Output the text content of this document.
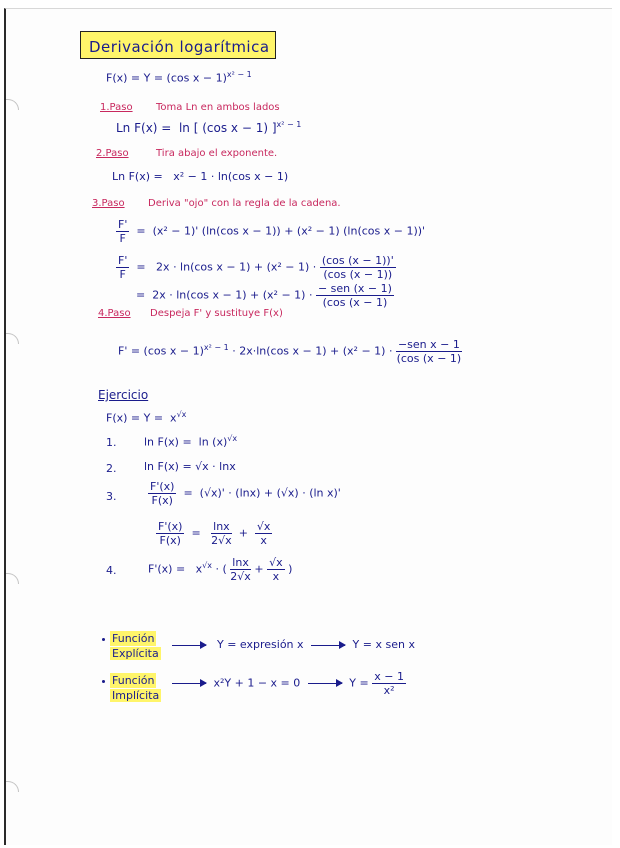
Derivación logarítmica
F(x) = Y = (cos x − 1)$^{x^2 - 1}$
1.Paso Toma Ln en ambos lados
Ln F(x) =  ln [ (cos x − 1) ]$^{x^2 - 1}$
2.Paso	Tira abajo el exponente.
Ln F(x) =   x² − 1 · ln(cos x − 1)
3.Paso Deriva "ojo" con la regla de la cadena.
$\frac{F'}{F} = (x^2 - 1)'$ (ln(cos x − 1)) + (x² − 1) (ln(cos x − 1))'
$\frac{F'}{F} = 2x \cdot \ln(\cos$ $x - 1) + (x^2 - 1) \cdot \frac{(\cos (x - 1))'}{(\cos (x - 1))}$
=  2x · ln(cos $x - 1) + (x^2 - 1) \cdot \frac{\text{− sen (x − 1)}}{(\cos (x - 1)}$
4.Paso Despeja F' y sustituye F(x)
F' = (cos x − 1)$^{x^2 - 1}$ · 2x·ln(cos $x - 1) + (x^2 - 1) \cdot \frac{\text{−sen x − 1}}{(\cos (x - 1)}$
Ejercicio
$F(x) = Y = x^{√x}$
1.	$\ln F(x) = \ln (x)^{√x}$
2.	ln F(x) = √x · lnx
3.	$\frac{F'(x)}{F(x)} = (√x)' \cdot (\ln x) + (√x) \cdot (\ln$ x)'
$\frac{F'(x)}{F(x)} = \frac{\ln x}{2√x} + \frac{√x}{x}$
4.	$F'(x) = x^{√x}$ · ( $\frac{\ln x}{2√x} + \frac{√x}{x}$ )
Función
Explícita
Y = expresión x	Y = x sen x
Función
Implícita
x²Y + 1 − x = 0	$Y = \frac{x - 1}{\text{x²}}$
